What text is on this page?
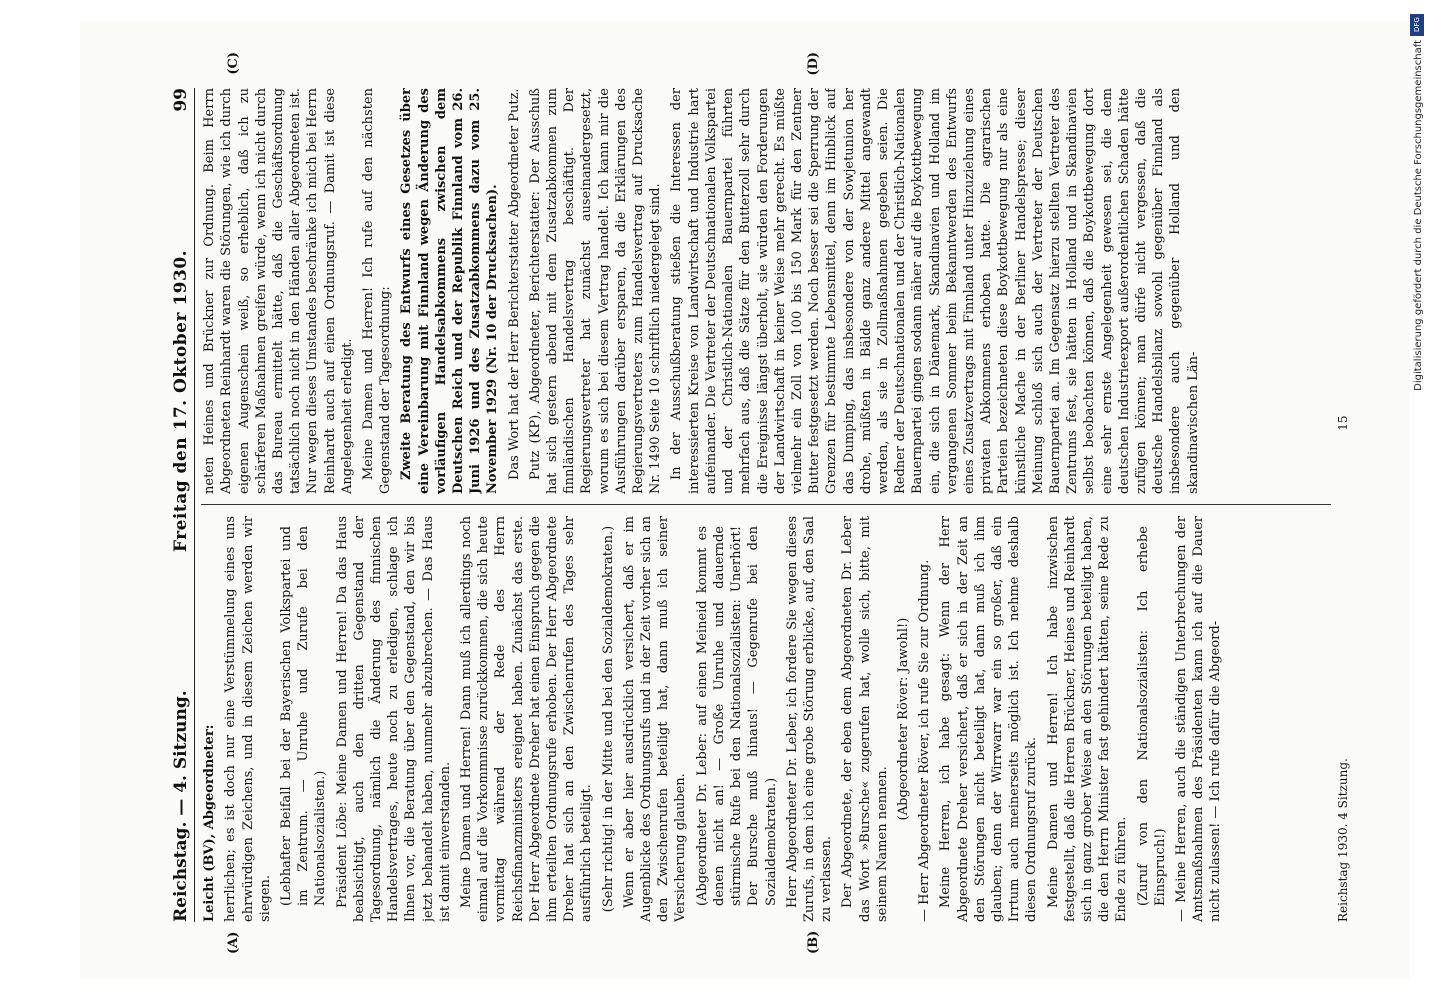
Reichstag. — 4. Sitzung.
Freitag den 17. Oktober 1930.
99

Leicht (BV), Abgeordneter: herrlichen; es ist doch nur eine Verstümmelung eines uns ehrwürdigen Zeichens, und in diesem Zeichen werden wir siegen. (Lebhafter Beifall bei der Bayerischen Volkspartei und im Zentrum. — Unruhe und Zurufe bei den Nationalsozialisten.) Präsident Löbe: Meine Damen und Herren! Da das Haus beabsichtigt, auch den dritten Gegenstand der Tagesordnung, nämlich die Änderung des finnischen Handelsvertrages, heute noch zu erledigen, schlage ich Ihnen vor, die Beratung über den Gegenstand, den wir bis jetzt behandelt haben, nunmehr abzubrechen. — Das Haus ist damit einverstanden. Meine Damen und Herren! Dann muß ich allerdings noch einmal auf die Vorkommnisse zurückkommen, die sich heute vormittag während der Rede des Herrn Reichsfinanzministers ereignet haben. Zunächst das erste. Der Herr Abgeordnete Dreher hat einen Einspruch gegen die ihm erteilten Ordnungsrufe erhoben. Der Herr Abgeordnete Dreher hat sich an den Zwischenrufen des Tages sehr ausführlich beteiligt. (Sehr richtig! in der Mitte und bei den Sozialdemokraten.) Wenn er aber hier ausdrücklich versichert, daß er im Augenblicke des Ordnungsrufs und in der Zeit vorher sich an den Zwischenrufen beteiligt hat, dann muß ich seiner Versicherung glauben. (Abgeordneter Dr. Leber: auf einen Meineid kommt es denen nicht an! — Große Unruhe und dauernde stürmische Rufe bei den Nationalsozialisten: Unerhört! Der Bursche muß hinaus! — Gegenrufe bei den Sozialdemokraten.) Herr Abgeordneter Dr. Leber, ich fordere Sie wegen dieses Zurufs, in dem ich eine grobe Störung erblicke, auf, den Saal zu verlassen. Der Abgeordnete, der eben dem Abgeordneten Dr. Leber das Wort »Bursche« zugerufen hat, wolle sich, bitte, mit seinem Namen nennen.

(Abgeordneter Röver: Jawohl!) — Herr Abgeordneter Röver, ich rufe Sie zur Ordnung. Meine Herren, ich habe gesagt: Wenn der Herr Abgeordnete Dreher versichert, daß er sich in der Zeit an den Störungen nicht beteiligt hat, dann muß ich ihm glauben; denn der Wirrwarr war ein so großer, daß ein Irrtum auch meinerseits möglich ist. Ich nehme deshalb diesen Ordnungsruf zurück. Meine Damen und Herren! Ich habe inzwischen festgestellt, daß die Herren Brückner, Heines und Reinhardt sich in ganz grober Weise an den Störungen beteiligt haben, die den Herrn Minister fast gehindert hätten, seine Rede zu Ende zu führen. (Zuruf von den Nationalsozialisten: Ich erhebe Einspruch!) — Meine Herren, auch die ständigen Unterbrechungen der Amtsmaßnahmen des Präsidenten kann ich auf die Dauer nicht zulassen! — Ich rufe dafür die Abgeord-

neten Heines und Brückner zur Ordnung. Beim Herrn Abgeordneten Reinhardt waren die Störungen, wie ich durch eigenen Augenschein weiß, so erheblich, daß ich zu schärferen Maßnahmen greifen würde, wenn ich nicht durch das Bureau ermittelt hätte, daß die Geschäftsordnung tatsächlich noch nicht in den Händen aller Abgeordneten ist. Nur wegen dieses Umstandes beschränke ich mich bei Herrn Reinhardt auch auf einen Ordnungsruf. — Damit ist diese Angelegenheit erledigt. Meine Damen und Herren! Ich rufe auf den nächsten Gegenstand der Tagesordnung: Zweite Beratung des Entwurfs eines Gesetzes über eine Vereinbarung mit Finnland wegen Änderung des vorläufigen Handelsabkommens zwischen dem Deutschen Reich und der Republik Finnland vom 26. Juni 1926 und des Zusatzabkommens dazu vom 25. November 1929 (Nr. 10 der Drucksachen). Das Wort hat der Herr Berichterstatter Abgeordneter Putz. Putz (KP), Abgeordneter, Berichterstatter: Der Ausschuß hat sich gestern abend mit dem Zusatzabkommen zum finnländischen Handelsvertrag beschäftigt. Der Regierungsvertreter hat zunächst auseinandergesetzt, worum es sich bei diesem Vertrag handelt. Ich kann mir die Ausführungen darüber ersparen, da die Erklärungen des Regierungsvertreters zum Handelsvertrag auf Drucksache Nr. 1490 Seite 10 schriftlich niedergelegt sind. In der Ausschußberatung stießen die Interessen der interessierten Kreise von Landwirtschaft und Industrie hart aufeinander. Die Vertreter der Deutschnationalen Volkspartei und der Christlich-Nationalen Bauernpartei führten mehrfach aus, daß die Sätze für den Butterzoll sehr durch die Ereignisse längst überholt, sie würden den Forderungen der Landwirtschaft in keiner Weise mehr gerecht. Es müßte vielmehr ein Zoll von 100 bis 150 Mark für den Zentner Butter festgesetzt werden. Noch besser sei die Sperrung der Grenzen für bestimmte Lebensmittel, denn im Hinblick auf das Dumping, das insbesondere von der Sowjetunion her drohe, müßten in Bälde ganz andere Mittel angewandt werden, als sie in Zollmaßnahmen gegeben seien. Die Redner der Deutschnationalen und der Christlich-Nationalen Bauernpartei gingen sodann näher auf die Boykottbewegung ein, die sich in Dänemark, Skandinavien und Holland im vergangenen Sommer beim Bekanntwerden des Entwurfs eines Zusatzvertrags mit Finnland unter Hinzuziehung eines privaten Abkommens erhoben hatte. Die agrarischen Parteien bezeichneten diese Boykottbewegung nur als eine künstliche Mache in der Berliner Handelspresse; dieser Meinung schloß sich auch der Vertreter der Deutschen Bauernpartei an. Im Gegensatz hierzu stellten Vertreter des Zentrums fest, sie hätten in Holland und in Skandinavien selbst beobachten können, daß die Boykottbewegung dort eine sehr ernste Angelegenheit gewesen sei, die dem deutschen Industrieexport außerordentlichen Schaden hätte zufügen können; man dürfe nicht vergessen, daß die deutsche Handelsbilanz sowohl gegenüber Finnland als insbesondere auch gegenüber Holland und den skandinavischen Län-

Reichstag 1930. 4 Sitzung.
15
(A)	(B)
(C)	(D)
DFG
Digitalisierung gefördert durch die Deutsche Forschungsgemeinschaft
